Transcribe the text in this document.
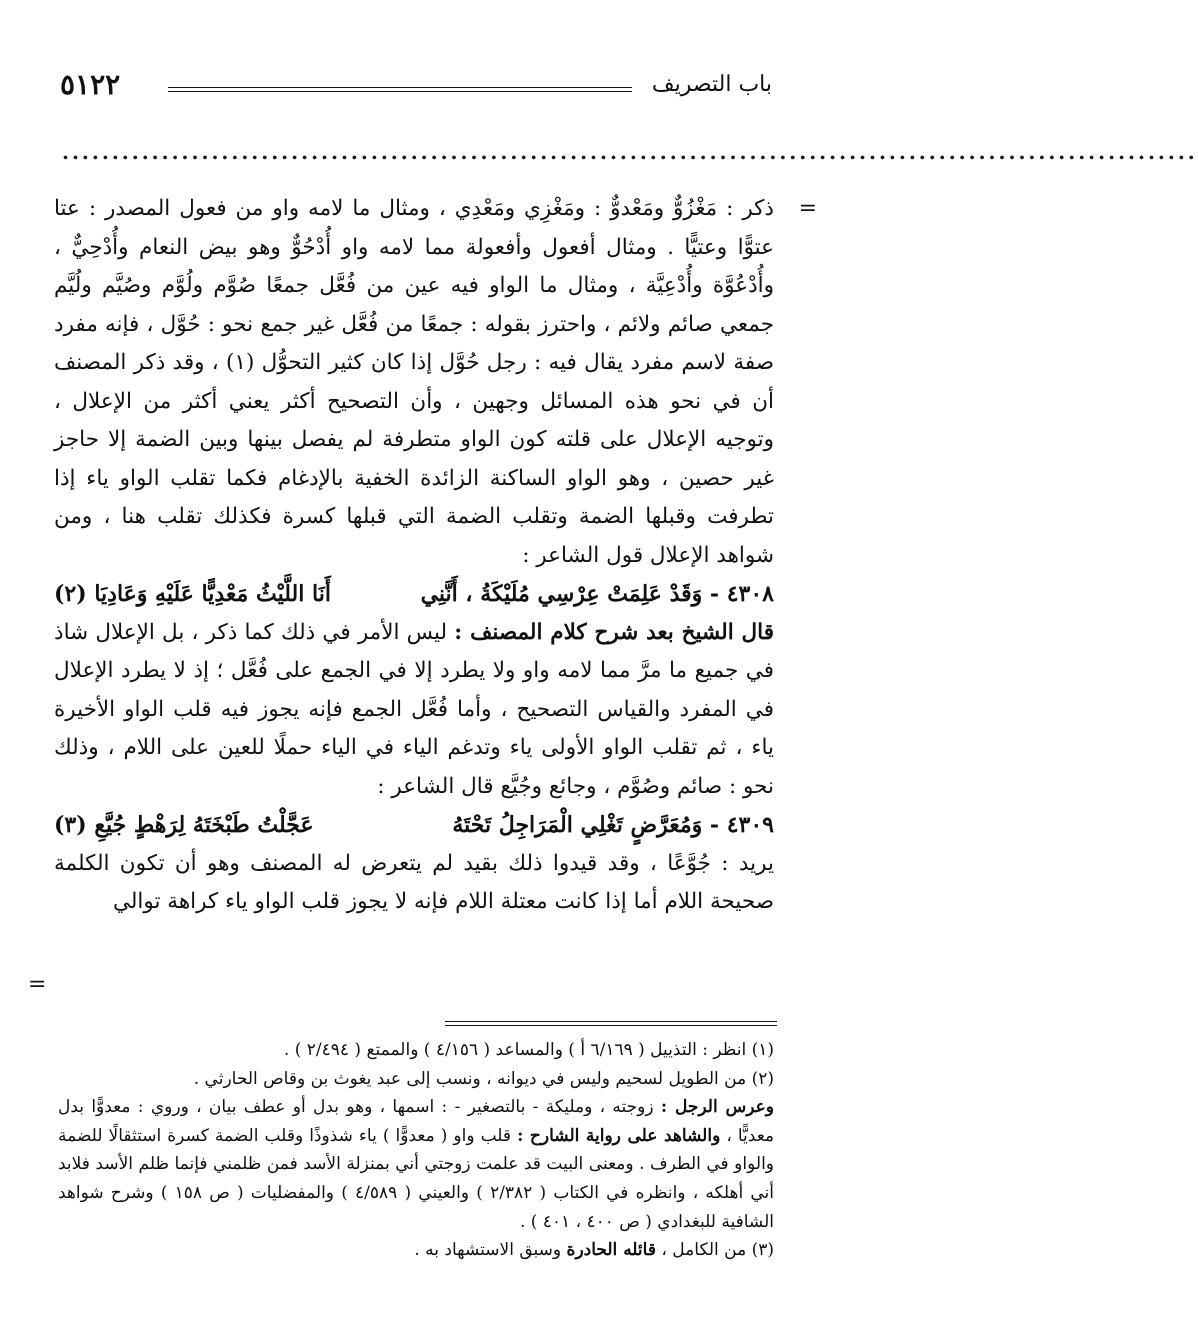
٥١٢٢	باب التصريف
..................................................................................................................
=

ذكر : مَغْزُوٌّ ومَعْدوٌّ : ومَغْزِي ومَعْدِي ، ومثال ما لامه واو من فعول المصدر : عتا عتوًّا وعتيًّا . ومثال أفعول وأفعولة مما لامه واو أُدْحُوٌّ وهو بيض النعام وأُدْحِيٌّ ، وأُدْعُوَّة وأُدْعِيَّة ، ومثال ما الواو فيه عين من فُعَّل جمعًا صُوَّم ولُوَّم وصُيَّم ولُيَّم جمعي صائم ولائم ، واحترز بقوله : جمعًا من فُعَّل غير جمع نحو : حُوَّل ، فإنه مفرد صفة لاسم مفرد يقال فيه : رجل حُوَّل إذا كان كثير التحوُّل (١) ، وقد ذكر المصنف أن في نحو هذه المسائل وجهين ، وأن التصحيح أكثر يعني أكثر من الإعلال ، وتوجيه الإعلال على قلته كون الواو متطرفة لم يفصل بينها وبين الضمة إلا حاجز غير حصين ، وهو الواو الساكنة الزائدة الخفية بالإدغام فكما تقلب الواو ياء إذا تطرفت وقبلها الضمة وتقلب الضمة التي قبلها كسرة فكذلك تقلب هنا ، ومن شواهد الإعلال قول الشاعر :

٤٣٠٨ - وَقَدْ عَلِمَتْ عِرْسِي مُلَيْكَةُ ، أَنَّنِي
أَنَا اللَّيْثُ مَعْدِيًّا عَلَيْهِ وَعَادِيَا (٢)

قال الشيخ بعد شرح كلام المصنف : ليس الأمر في ذلك كما ذكر ، بل الإعلال شاذ في جميع ما مرَّ مما لامه واو ولا يطرد إلا في الجمع على فُعَّل ؛ إذ لا يطرد الإعلال في المفرد والقياس التصحيح ، وأما فُعَّل الجمع فإنه يجوز فيه قلب الواو الأخيرة ياء ، ثم تقلب الواو الأولى ياء وتدغم الياء في الياء حملًا للعين على اللام ، وذلك نحو : صائم وصُوَّم ، وجائع وجُيَّع قال الشاعر :

٤٣٠٩ - وَمُعَرَّضٍ تَغْلِي الْمَرَاجِلُ تَحْتَهُ
عَجَّلْتُ طَبْخَتَهُ لِرَهْطٍ جُيَّعِ (٣)

يريد : جُوَّعًا ، وقد قيدوا ذلك بقيد لم يتعرض له المصنف وهو أن تكون الكلمة صحيحة اللام أما إذا كانت معتلة اللام فإنه لا يجوز قلب الواو ياء كراهة توالي

=

(١) انظر : التذييل ( ٦/١٦٩ أ ) والمساعد ( ٤/١٥٦ ) والممتع ( ٢/٤٩٤ ) .

(٢) من الطويل لسحيم وليس في ديوانه ، ونسب إلى عبد يغوث بن وقاص الحارثي .

وعرس الرجل : زوجته ، ومليكة - بالتصغير - : اسمها ، وهو بدل أو عطف بيان ، وروي : معدوًّا بدل معديًّا ، والشاهد على رواية الشارح : قلب واو ( معدوًّا ) ياء شذوذًا وقلب الضمة كسرة استثقالًا للضمة والواو في الطرف . ومعنى البيت قد علمت زوجتي أني بمنزلة الأسد فمن ظلمني فإنما ظلم الأسد فلابد أني أهلكه ، وانظره في الكتاب ( ٢/٣٨٢ ) والعيني ( ٤/٥٨٩ ) والمفضليات ( ص ١٥٨ ) وشرح شواهد الشافية للبغدادي ( ص ٤٠٠ ، ٤٠١ ) .

(٣) من الكامل ، قائله الحادرة وسبق الاستشهاد به .
